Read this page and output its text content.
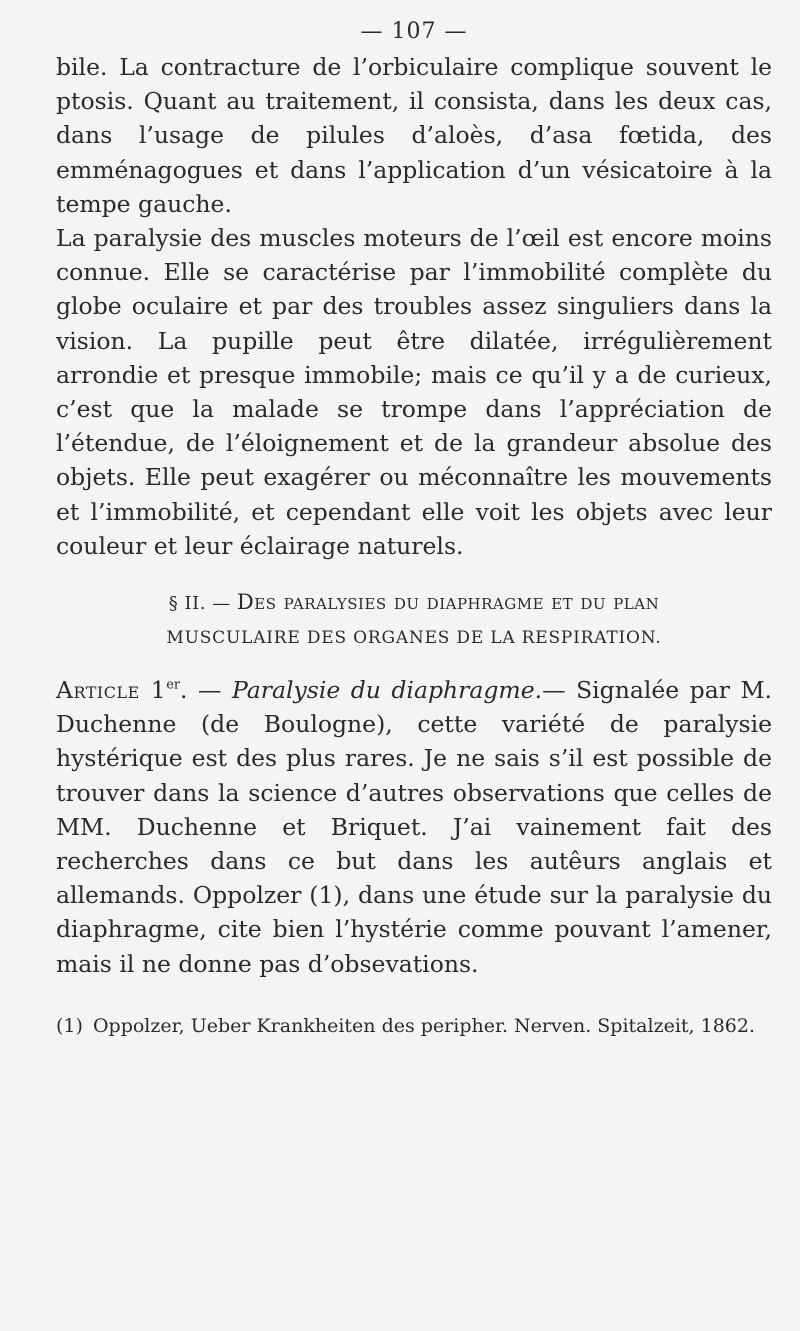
— 107 —

bile. La contracture de l’orbiculaire complique souvent le ptosis. Quant au traitement, il consista, dans les deux cas, dans l’usage de pilules d’aloès, d’asa fœtida, des emménagogues et dans l’application d’un vésicatoire à la tempe gauche.

La paralysie des muscles moteurs de l’œil est encore moins connue. Elle se caractérise par l’immobilité complète du globe oculaire et par des troubles assez singuliers dans la vision. La pupille peut être dilatée, irrégulièrement arrondie et presque immobile; mais ce qu’il y a de curieux, c’est que la malade se trompe dans l’appréciation de l’étendue, de l’éloignement et de la grandeur absolue des objets. Elle peut exagérer ou méconnaître les mouvements et l’immobilité, et cependant elle voit les objets avec leur couleur et leur éclairage naturels.

§ II. — Des paralysies du diaphragme et du plan
MUSCULAIRE DES ORGANES DE LA RESPIRATION.

Article 1er. — Paralysie du diaphragme.— Signalée par M. Duchenne (de Boulogne), cette variété de paralysie hystérique est des plus rares. Je ne sais s’il est possible de trouver dans la science d’autres observations que celles de MM. Duchenne et Briquet. J’ai vainement fait des recherches dans ce but dans les autêurs anglais et allemands. Oppolzer (1), dans une étude sur la paralysie du diaphragme, cite bien l’hystérie comme pouvant l’amener, mais il ne donne pas d’obsevations.

(1) Oppolzer, Ueber Krankheiten des peripher. Nerven. Spitalzeit, 1862.
